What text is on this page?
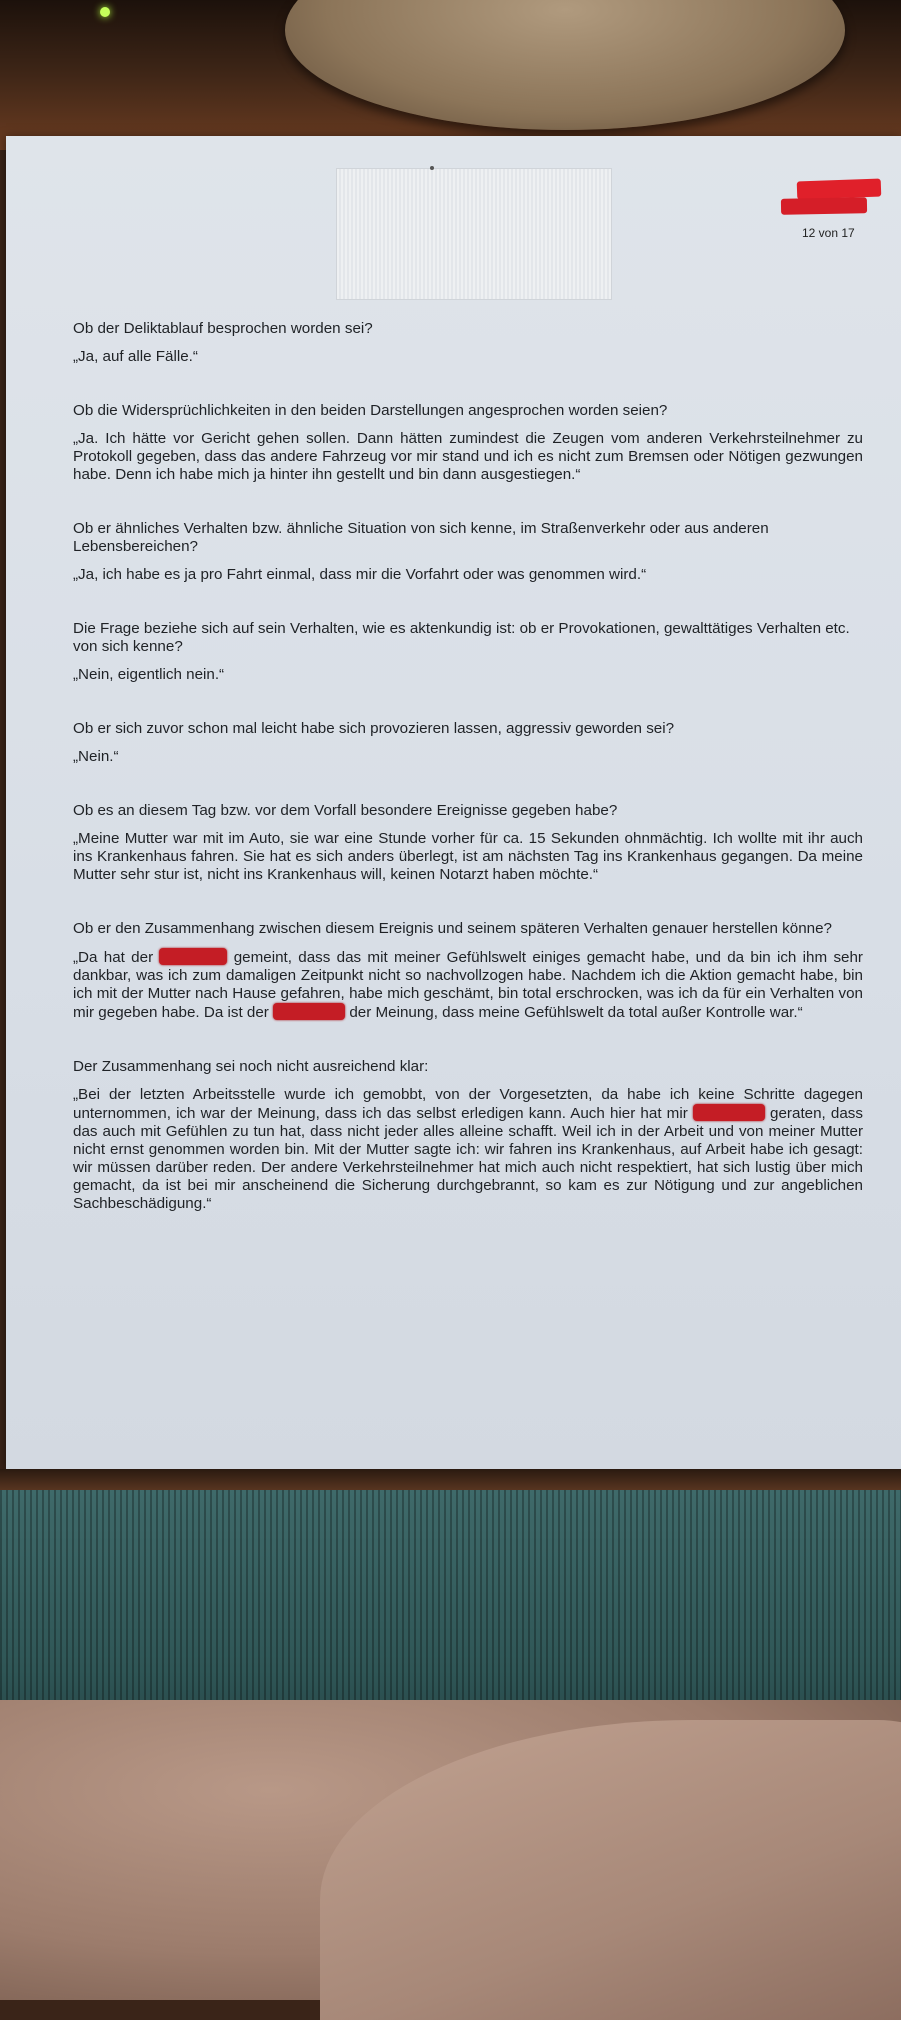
12 von 17

Ob der Deliktablauf besprochen worden sei?

„Ja, auf alle Fälle.“

Ob die Widersprüchlichkeiten in den beiden Darstellungen angesprochen worden seien?

„Ja. Ich hätte vor Gericht gehen sollen. Dann hätten zumindest die Zeugen vom anderen Verkehrsteilnehmer zu Protokoll gegeben, dass das andere Fahrzeug vor mir stand und ich es nicht zum Bremsen oder Nötigen gezwungen habe. Denn ich habe mich ja hinter ihn gestellt und bin dann ausgestiegen.“

Ob er ähnliches Verhalten bzw. ähnliche Situation von sich kenne, im Straßenverkehr oder aus anderen Lebensbereichen?

„Ja, ich habe es ja pro Fahrt einmal, dass mir die Vorfahrt oder was genommen wird.“

Die Frage beziehe sich auf sein Verhalten, wie es aktenkundig ist: ob er Provokationen, gewalttätiges Verhalten etc. von sich kenne?

„Nein, eigentlich nein.“

Ob er sich zuvor schon mal leicht habe sich provozieren lassen, aggressiv geworden sei?

„Nein.“

Ob es an diesem Tag bzw. vor dem Vorfall besondere Ereignisse gegeben habe?

„Meine Mutter war mit im Auto, sie war eine Stunde vorher für ca. 15 Sekunden ohnmächtig. Ich wollte mit ihr auch ins Krankenhaus fahren. Sie hat es sich anders überlegt, ist am nächsten Tag ins Krankenhaus gegangen. Da meine Mutter sehr stur ist, nicht ins Krankenhaus will, keinen Notarzt haben möchte.“

Ob er den Zusammenhang zwischen diesem Ereignis und seinem späteren Verhalten genauer herstellen könne?

„Da hat der	gemeint, dass das mit meiner Gefühlswelt einiges gemacht habe, und da bin ich ihm sehr dankbar, was ich zum damaligen Zeitpunkt nicht so nachvollzogen habe. Nachdem ich die Aktion gemacht habe, bin ich mit der Mutter nach Hause gefahren, habe mich geschämt, bin total erschrocken, was ich da für ein Verhalten von mir gegeben habe. Da ist der	der Meinung, dass meine Gefühlswelt da total außer Kontrolle war.“

Der Zusammenhang sei noch nicht ausreichend klar:

„Bei der letzten Arbeitsstelle wurde ich gemobbt, von der Vorgesetzten, da habe ich keine Schritte dagegen unternommen, ich war der Meinung, dass ich das selbst erledigen kann. Auch hier hat mir	geraten, dass das auch mit Gefühlen zu tun hat, dass nicht jeder alles alleine schafft. Weil ich in der Arbeit und von meiner Mutter nicht ernst genommen worden bin. Mit der Mutter sagte ich: wir fahren ins Krankenhaus, auf Arbeit habe ich gesagt: wir müssen darüber reden. Der andere Verkehrsteilnehmer hat mich auch nicht respektiert, hat sich lustig über mich gemacht, da ist bei mir anscheinend die Sicherung durchgebrannt, so kam es zur Nötigung und zur angeblichen Sachbeschädigung.“
